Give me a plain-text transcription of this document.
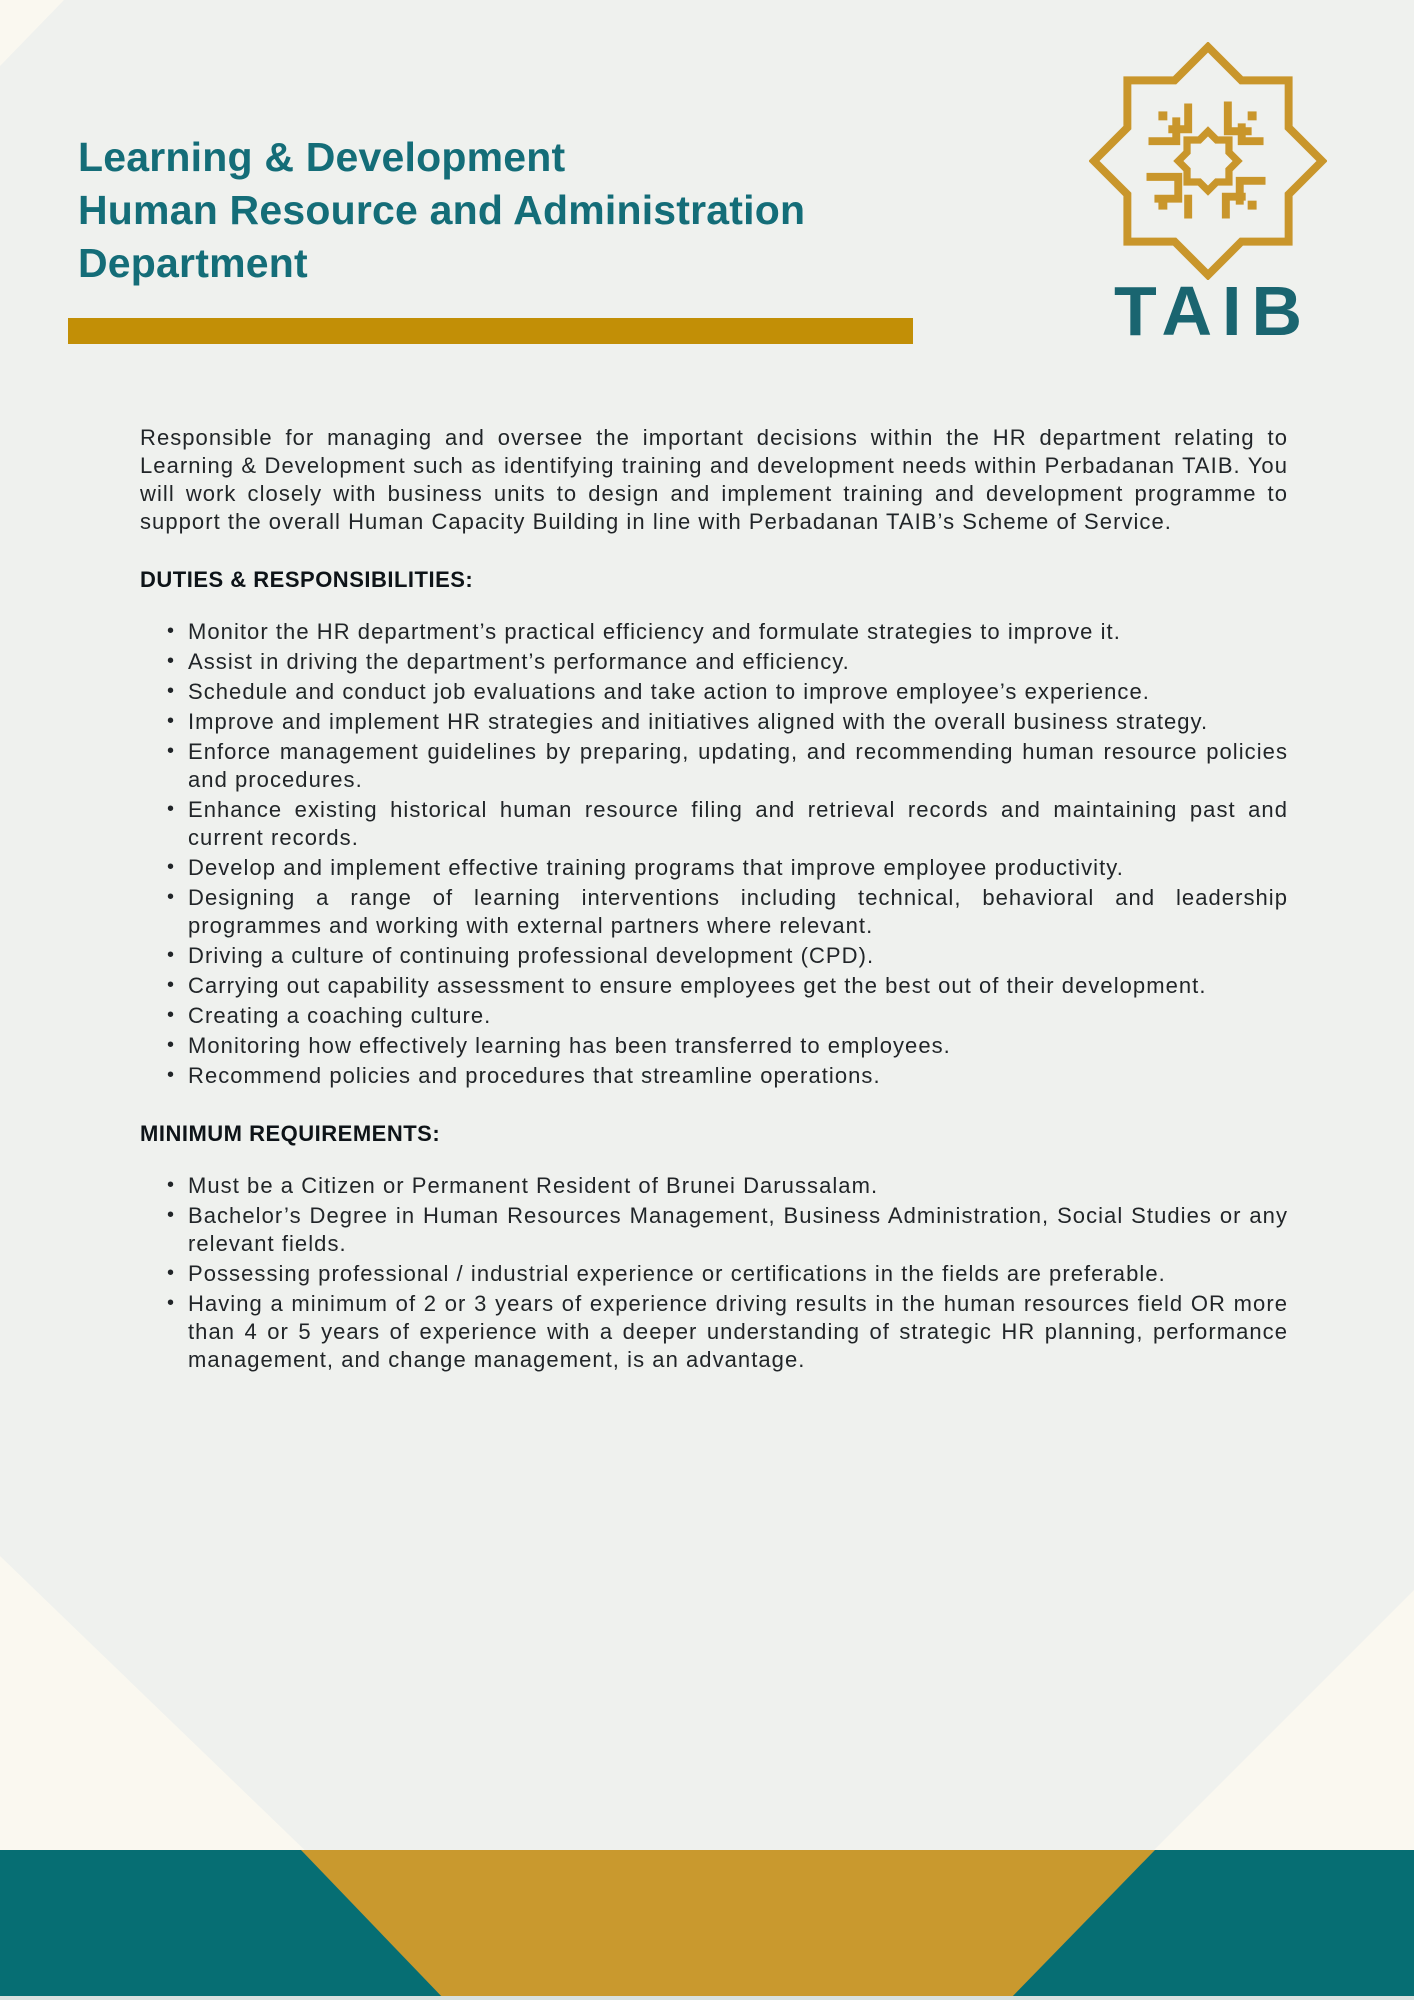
Learning & Development
Human Resource and Administration
Department
TAIB

Responsible for managing and oversee the important decisions within the HR department relating to Learning & Development such as identifying training and development needs within Perbadanan TAIB. You will work closely with business units to design and implement training and development programme to support the overall Human Capacity Building in line with Perbadanan TAIB’s Scheme of Service.

DUTIES & RESPONSIBILITIES:
• Monitor the HR department’s practical efficiency and formulate strategies to improve it.
• Assist in driving the department’s performance and efficiency.
• Schedule and conduct job evaluations and take action to improve employee’s experience.
• Improve and implement HR strategies and initiatives aligned with the overall business strategy.
• Enforce management guidelines by preparing, updating, and recommending human resource policies and procedures.
• Enhance existing historical human resource filing and retrieval records and maintaining past and current records.
• Develop and implement effective training programs that improve employee productivity.
• Designing a range of learning interventions including technical, behavioral and leadership programmes and working with external partners where relevant.
• Driving a culture of continuing professional development (CPD).
• Carrying out capability assessment to ensure employees get the best out of their development.
• Creating a coaching culture.
• Monitoring how effectively learning has been transferred to employees.
• Recommend policies and procedures that streamline operations.
MINIMUM REQUIREMENTS:
• Must be a Citizen or Permanent Resident of Brunei Darussalam.
• Bachelor’s Degree in Human Resources Management, Business Administration, Social Studies or any relevant fields.
• Possessing professional / industrial experience or certifications in the fields are preferable.
• Having a minimum of 2 or 3 years of experience driving results in the human resources field OR more than 4 or 5 years of experience with a deeper understanding of strategic HR planning, performance management, and change management, is an advantage.
